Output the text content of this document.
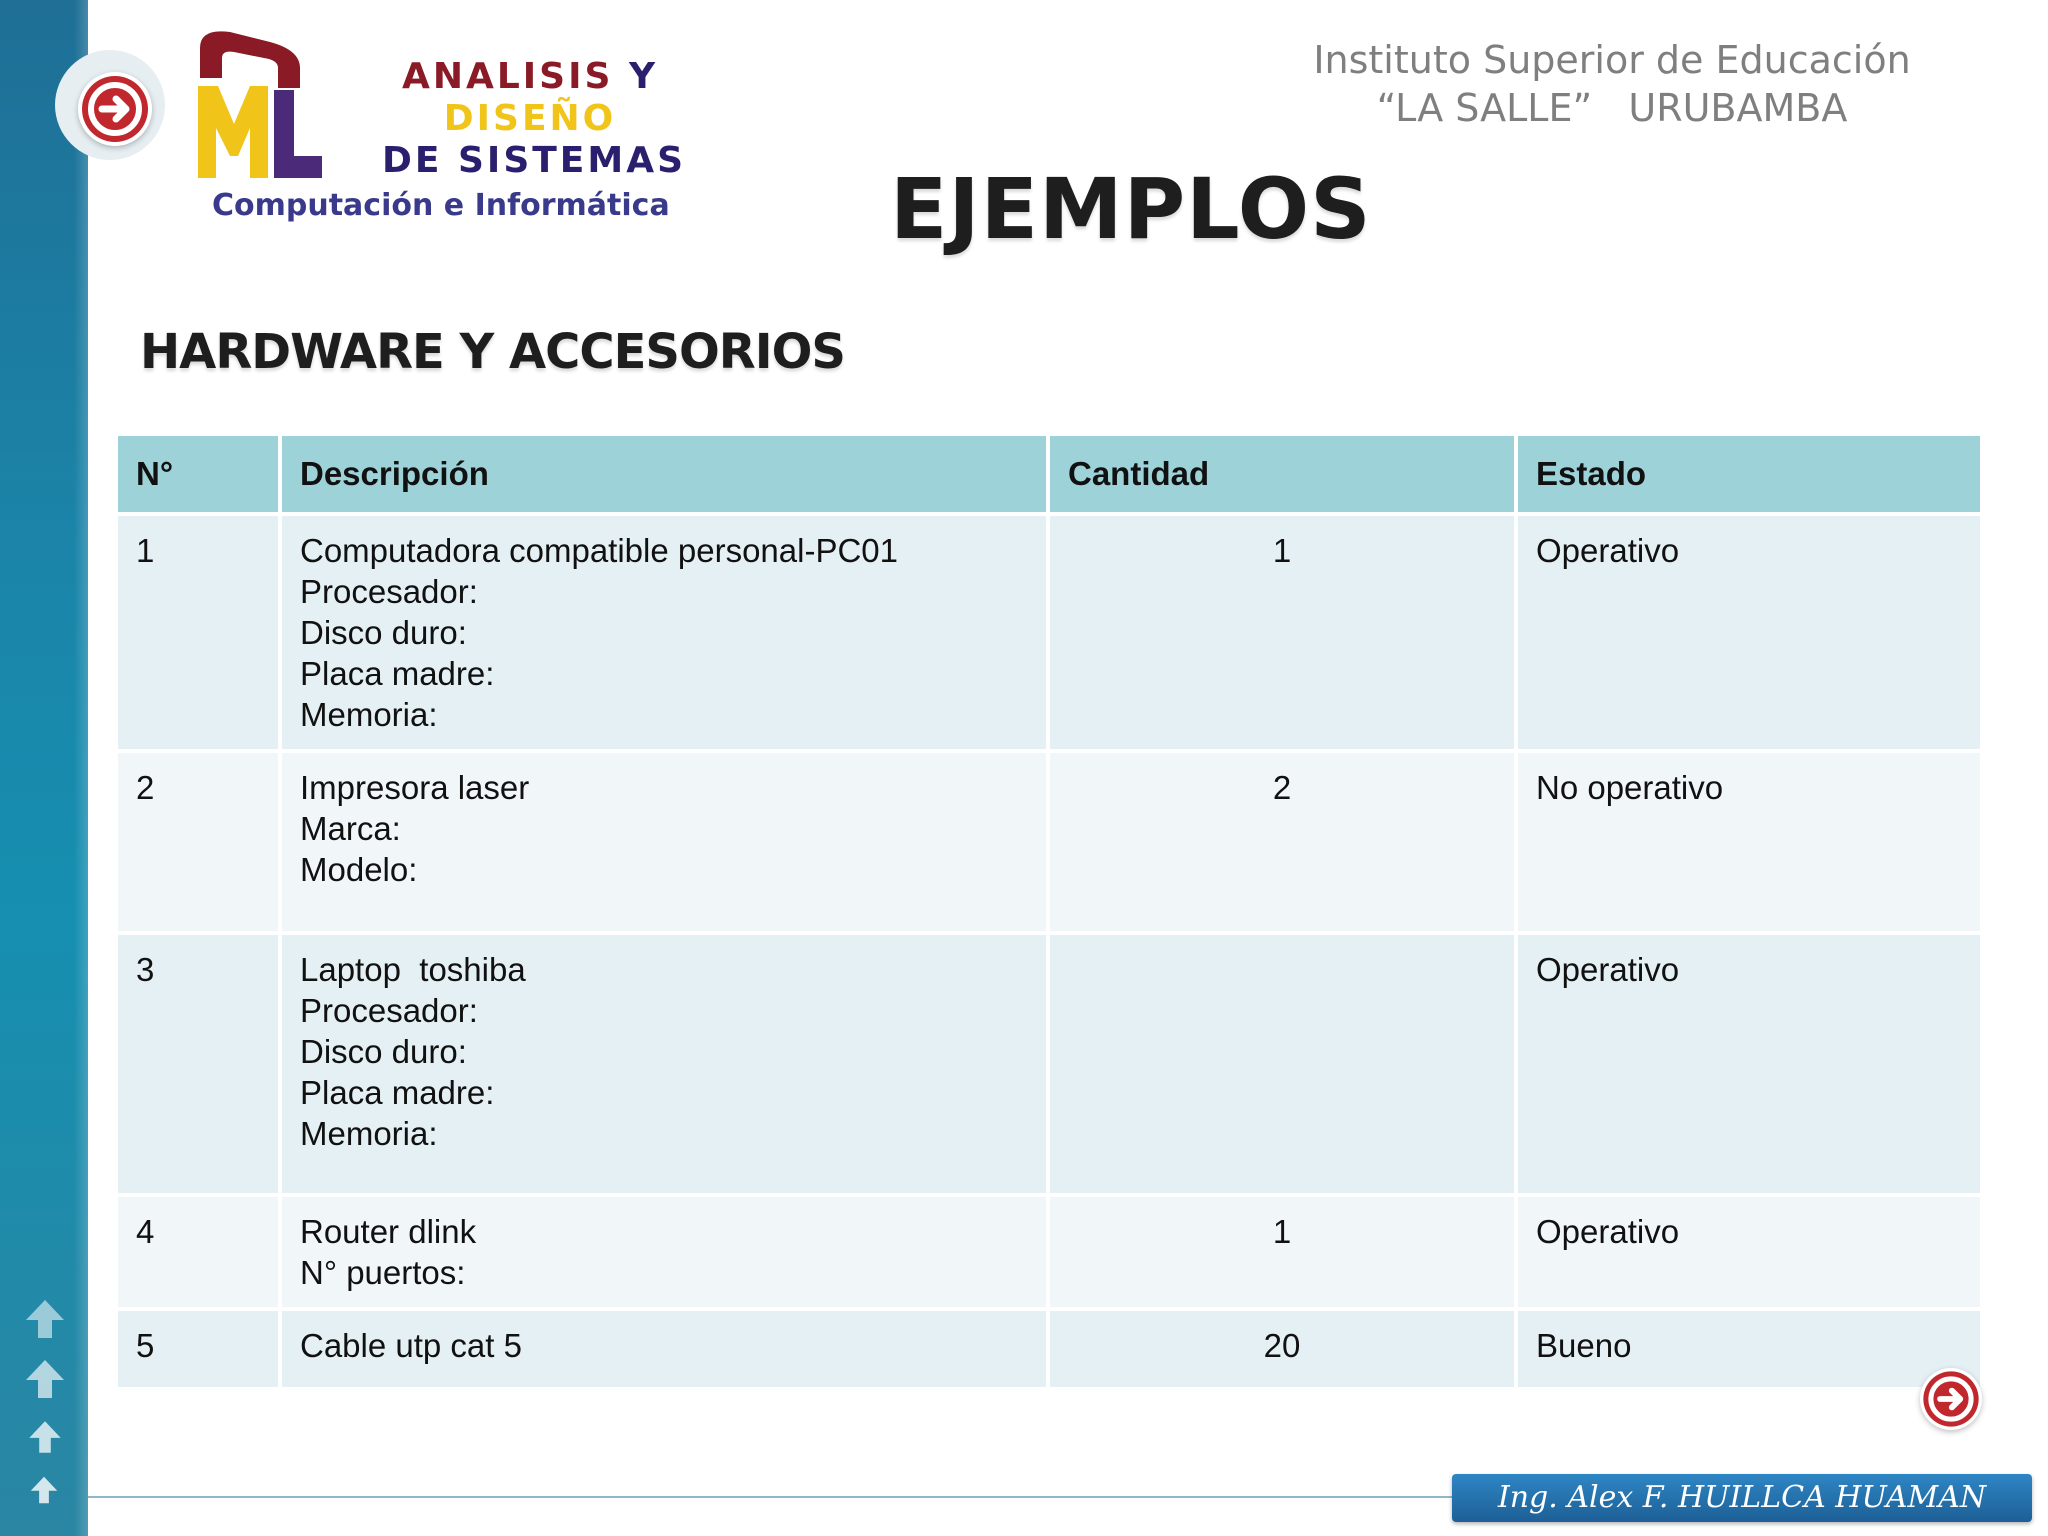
ANALISIS Y DISEÑO
DE SISTEMAS
Computación e Informática
Instituto Superior de Educación
“LA SALLE”   URUBAMBA
EJEMPLOS
HARDWARE Y ACCESORIOS
N°	Descripción	Cantidad	Estado
1	Computadora compatible personal-PC01
Procesador:
Disco duro:
Placa madre:
Memoria:	1	Operativo
2	Impresora laser
Marca:
Modelo:	2	No operativo
3	Laptop  toshiba
Procesador:
Disco duro:
Placa madre:
Memoria:		Operativo
4	Router dlink
N° puertos:	1	Operativo
5	Cable utp cat 5	20	Bueno
Ing. Alex F. HUILLCA HUAMAN
